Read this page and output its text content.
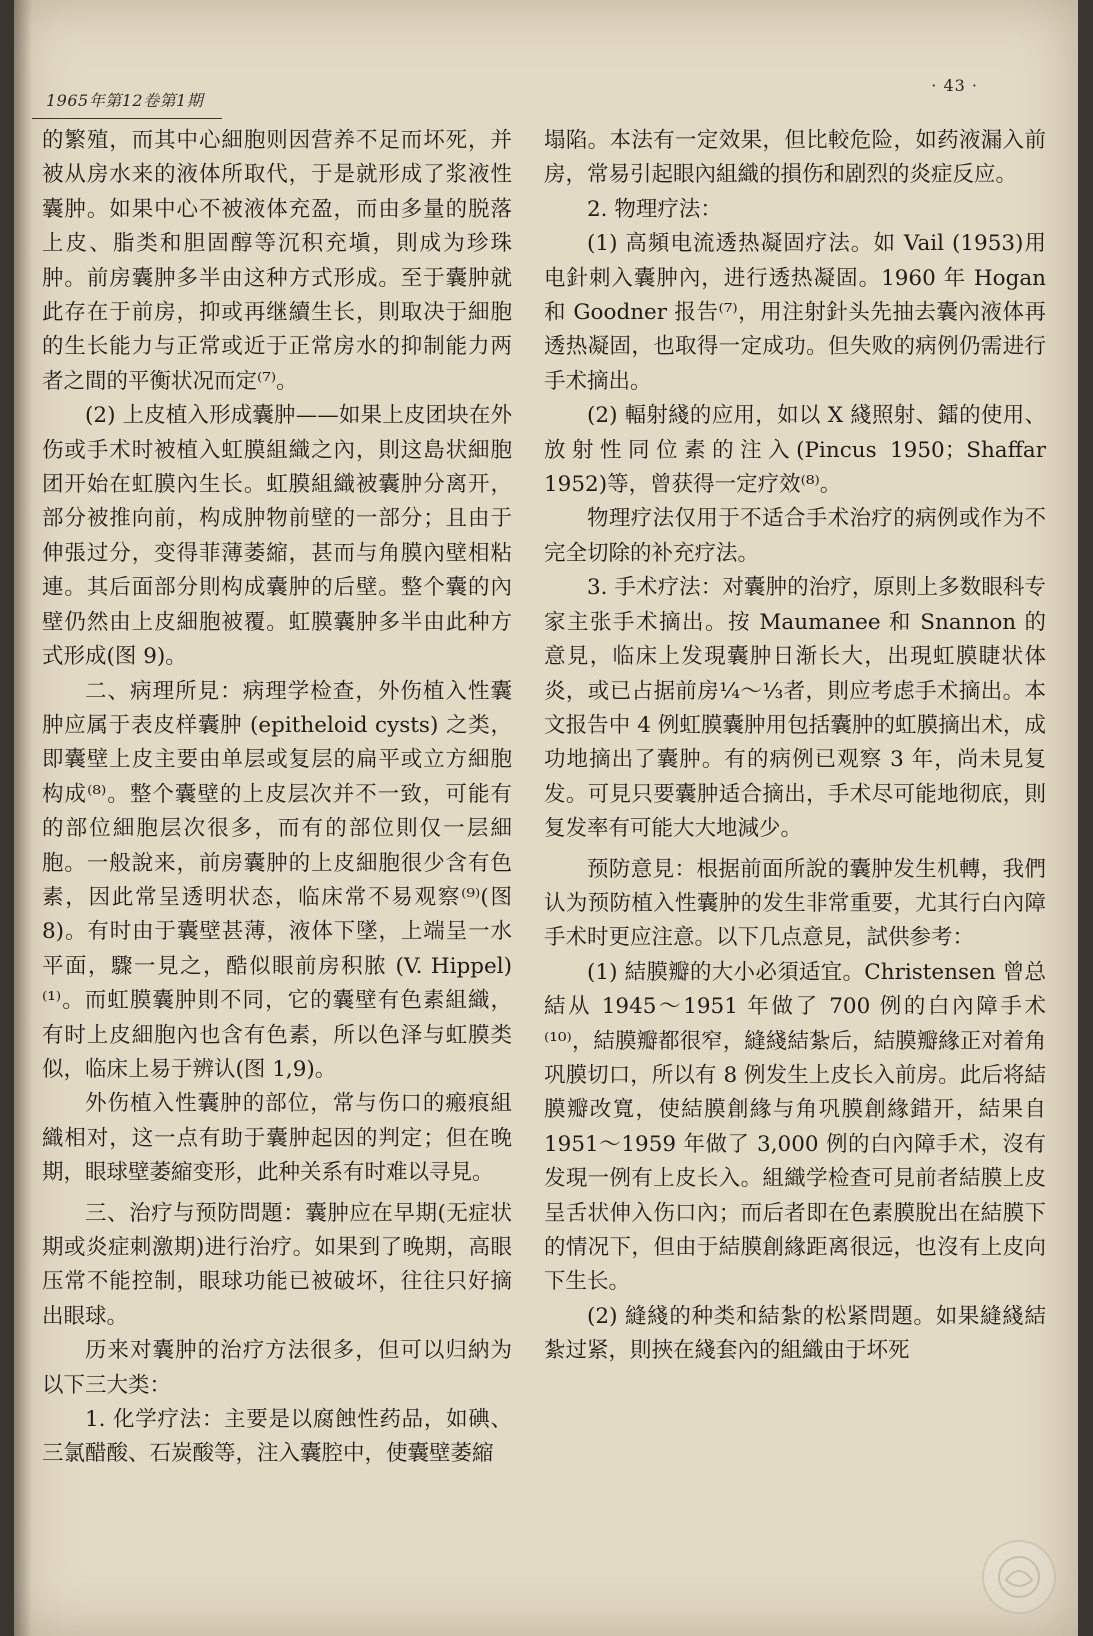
1965年第12卷第1期
· 43 ·

的繁殖，而其中心細胞则因营养不足而坏死，并被从房水来的液体所取代，于是就形成了浆液性囊肿。如果中心不被液体充盈，而由多量的脱落上皮、脂类和胆固醇等沉积充塡，則成为珍珠肿。前房囊肿多半由这种方式形成。至于囊肿就此存在于前房，抑或再继續生长，則取决于細胞的生长能力与正常或近于正常房水的抑制能力两者之間的平衡状况而定⁽⁷⁾。

(2) 上皮植入形成囊肿——如果上皮团块在外伤或手术时被植入虹膜組織之內，則这島状細胞团开始在虹膜內生长。虹膜組織被囊肿分离开，部分被推向前，构成肿物前壁的一部分；且由于伸張过分，变得菲薄萎縮，甚而与角膜內壁相粘連。其后面部分則构成囊肿的后壁。整个囊的內壁仍然由上皮細胞被覆。虹膜囊肿多半由此种方式形成(图 9)。

二、病理所見：病理学检查，外伤植入性囊肿应属于表皮样囊肿 (epitheloid cysts) 之类，即囊壁上皮主要由单层或复层的扁平或立方細胞构成⁽⁸⁾。整个囊壁的上皮层次并不一致，可能有的部位細胞层次很多，而有的部位則仅一层細胞。一般說来，前房囊肿的上皮細胞很少含有色素，因此常呈透明状态，临床常不易观察⁽⁹⁾(图 8)。有时由于囊壁甚薄，液体下墜，上端呈一水平面，驟一見之，酷似眼前房积脓 (V. Hippel)⁽¹⁾。而虹膜囊肿則不同，它的囊壁有色素組織，有时上皮細胞內也含有色素，所以色泽与虹膜类似，临床上易于辨认(图 1,9)。

外伤植入性囊肿的部位，常与伤口的瘢痕組織相对，这一点有助于囊肿起因的判定；但在晚期，眼球壁萎縮变形，此种关系有时难以寻見。

三、治疗与预防問題：囊肿应在早期(无症状期或炎症刺激期)进行治疗。如果到了晚期，高眼压常不能控制，眼球功能已被破坏，往往只好摘出眼球。

历来对囊肿的治疗方法很多，但可以归納为以下三大类：

1. 化学疗法：主要是以腐蝕性药品，如碘、三氯醋酸、石炭酸等，注入囊腔中，使囊壁萎縮

塌陷。本法有一定效果，但比較危险，如药液漏入前房，常易引起眼內組織的損伤和剧烈的炎症反应。

2. 物理疗法：

(1) 高頻电流透热凝固疗法。如 Vail (1953)用电針刺入囊肿內，进行透热凝固。1960 年 Hogan 和 Goodner 报告⁽⁷⁾，用注射針头先抽去囊內液体再透热凝固，也取得一定成功。但失败的病例仍需进行手术摘出。

(2) 輻射綫的应用，如以 X 綫照射、鐳的使用、放射性同位素的注入(Pincus 1950；Shaffar 1952)等，曾获得一定疗效⁽⁸⁾。

物理疗法仅用于不适合手术治疗的病例或作为不完全切除的补充疗法。

3. 手术疗法：对囊肿的治疗，原則上多数眼科专家主张手术摘出。按 Maumanee 和 Snannon 的意見，临床上发現囊肿日渐长大，出現虹膜睫状体炎，或已占据前房¼～⅓者，則应考虑手术摘出。本文报告中 4 例虹膜囊肿用包括囊肿的虹膜摘出术，成功地摘出了囊肿。有的病例已观察 3 年，尚未見复发。可見只要囊肿适合摘出，手术尽可能地彻底，則复发率有可能大大地減少。

预防意見：根据前面所說的囊肿发生机轉，我們认为预防植入性囊肿的发生非常重要，尤其行白內障手术时更应注意。以下几点意見，試供参考：

(1) 結膜瓣的大小必須适宜。Christensen 曾总結从 1945～1951 年做了 700 例的白內障手术⁽¹⁰⁾，結膜瓣都很窄，縫綫結紮后，結膜瓣緣正对着角巩膜切口，所以有 8 例发生上皮长入前房。此后将結膜瓣改寬，使結膜創緣与角巩膜創緣錯开，結果自 1951～1959 年做了 3,000 例的白內障手术，沒有发現一例有上皮长入。組織学检查可見前者結膜上皮呈舌状伸入伤口內；而后者即在色素膜脫出在結膜下的情况下，但由于結膜創緣距离很远，也沒有上皮向下生长。

(2) 縫綫的种类和結紮的松紧問題。如果縫綫結紮过紧，則挾在綫套內的組織由于坏死
